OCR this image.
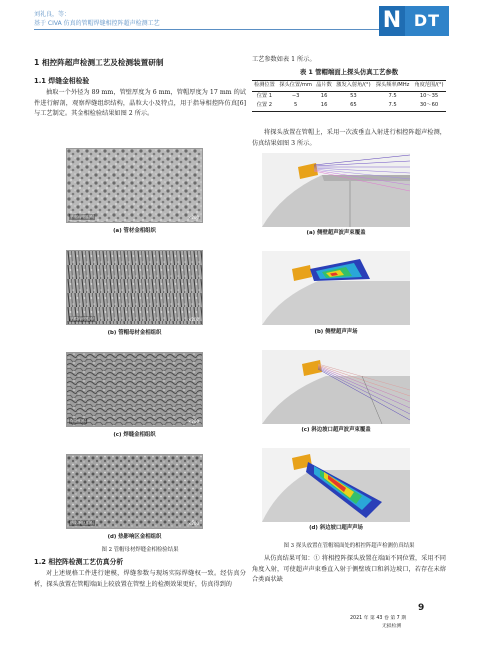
刘礼良，等：
基于 CIVA 仿真的管帽焊缝相控阵超声检测工艺	N DT
1 相控阵超声检测工艺及检测装置研制
1.1 焊缝金相检验
抽取一个外径为 89 mm，管壁厚度为 6 mm，管帽厚度为 17 mm 的试件进行解剖，观察焊缝组织结构，晶粒大小及特点，用于指导相控阵仿真[6]与工艺制定。其金相检验结果如图 2 所示。
管材母材组织	×200
(a) 管材金相组织
管帽母材组织	×200
(b) 管帽母材金相组织
焊缝组织	×200
(c) 焊缝金相组织
热影响区组织	×200
(d) 热影响区金相组织
图 2 管帽母材焊缝金相检验结果
1.2 相控阵检测工艺仿真分析
对上述规格工件进行建模，焊缝参数与现场实际焊缝权一致。经仿真分析，探头放置在管帽端面上较放置在管壁上的检测效果更好，仿真得到的
工艺参数如表 1 所示。
表 1 管帽端面上探头仿真工艺参数
检测位置	探头位置/mm	晶片数	激发入射角/(°)	探头频率/MHz	角度范围/(°)
位置 1	−3	16	53	7.5	10～35
位置 2	5	16	65	7.5	30～60
将探头放置在管帽上，采用一次波垂直入射进行相控阵超声检测，仿真结果如图 3 所示。
(a) 侧壁超声波声束覆盖
(b) 侧壁超声声场
(c) 斜边坡口超声波声束覆盖
(d) 斜边坡口超声声场
图 3 探头放置在管帽端面处的相控阵超声检测仿真结果
从仿真结果可知：① 将相控阵探头放置在端面不同位置，采用不同角度入射，可使超声声束垂直入射于侧壁坡口和斜边坡口，若存在未熔合类面状缺
9
2021 年 第 43 卷 第 7 期
无损检测
